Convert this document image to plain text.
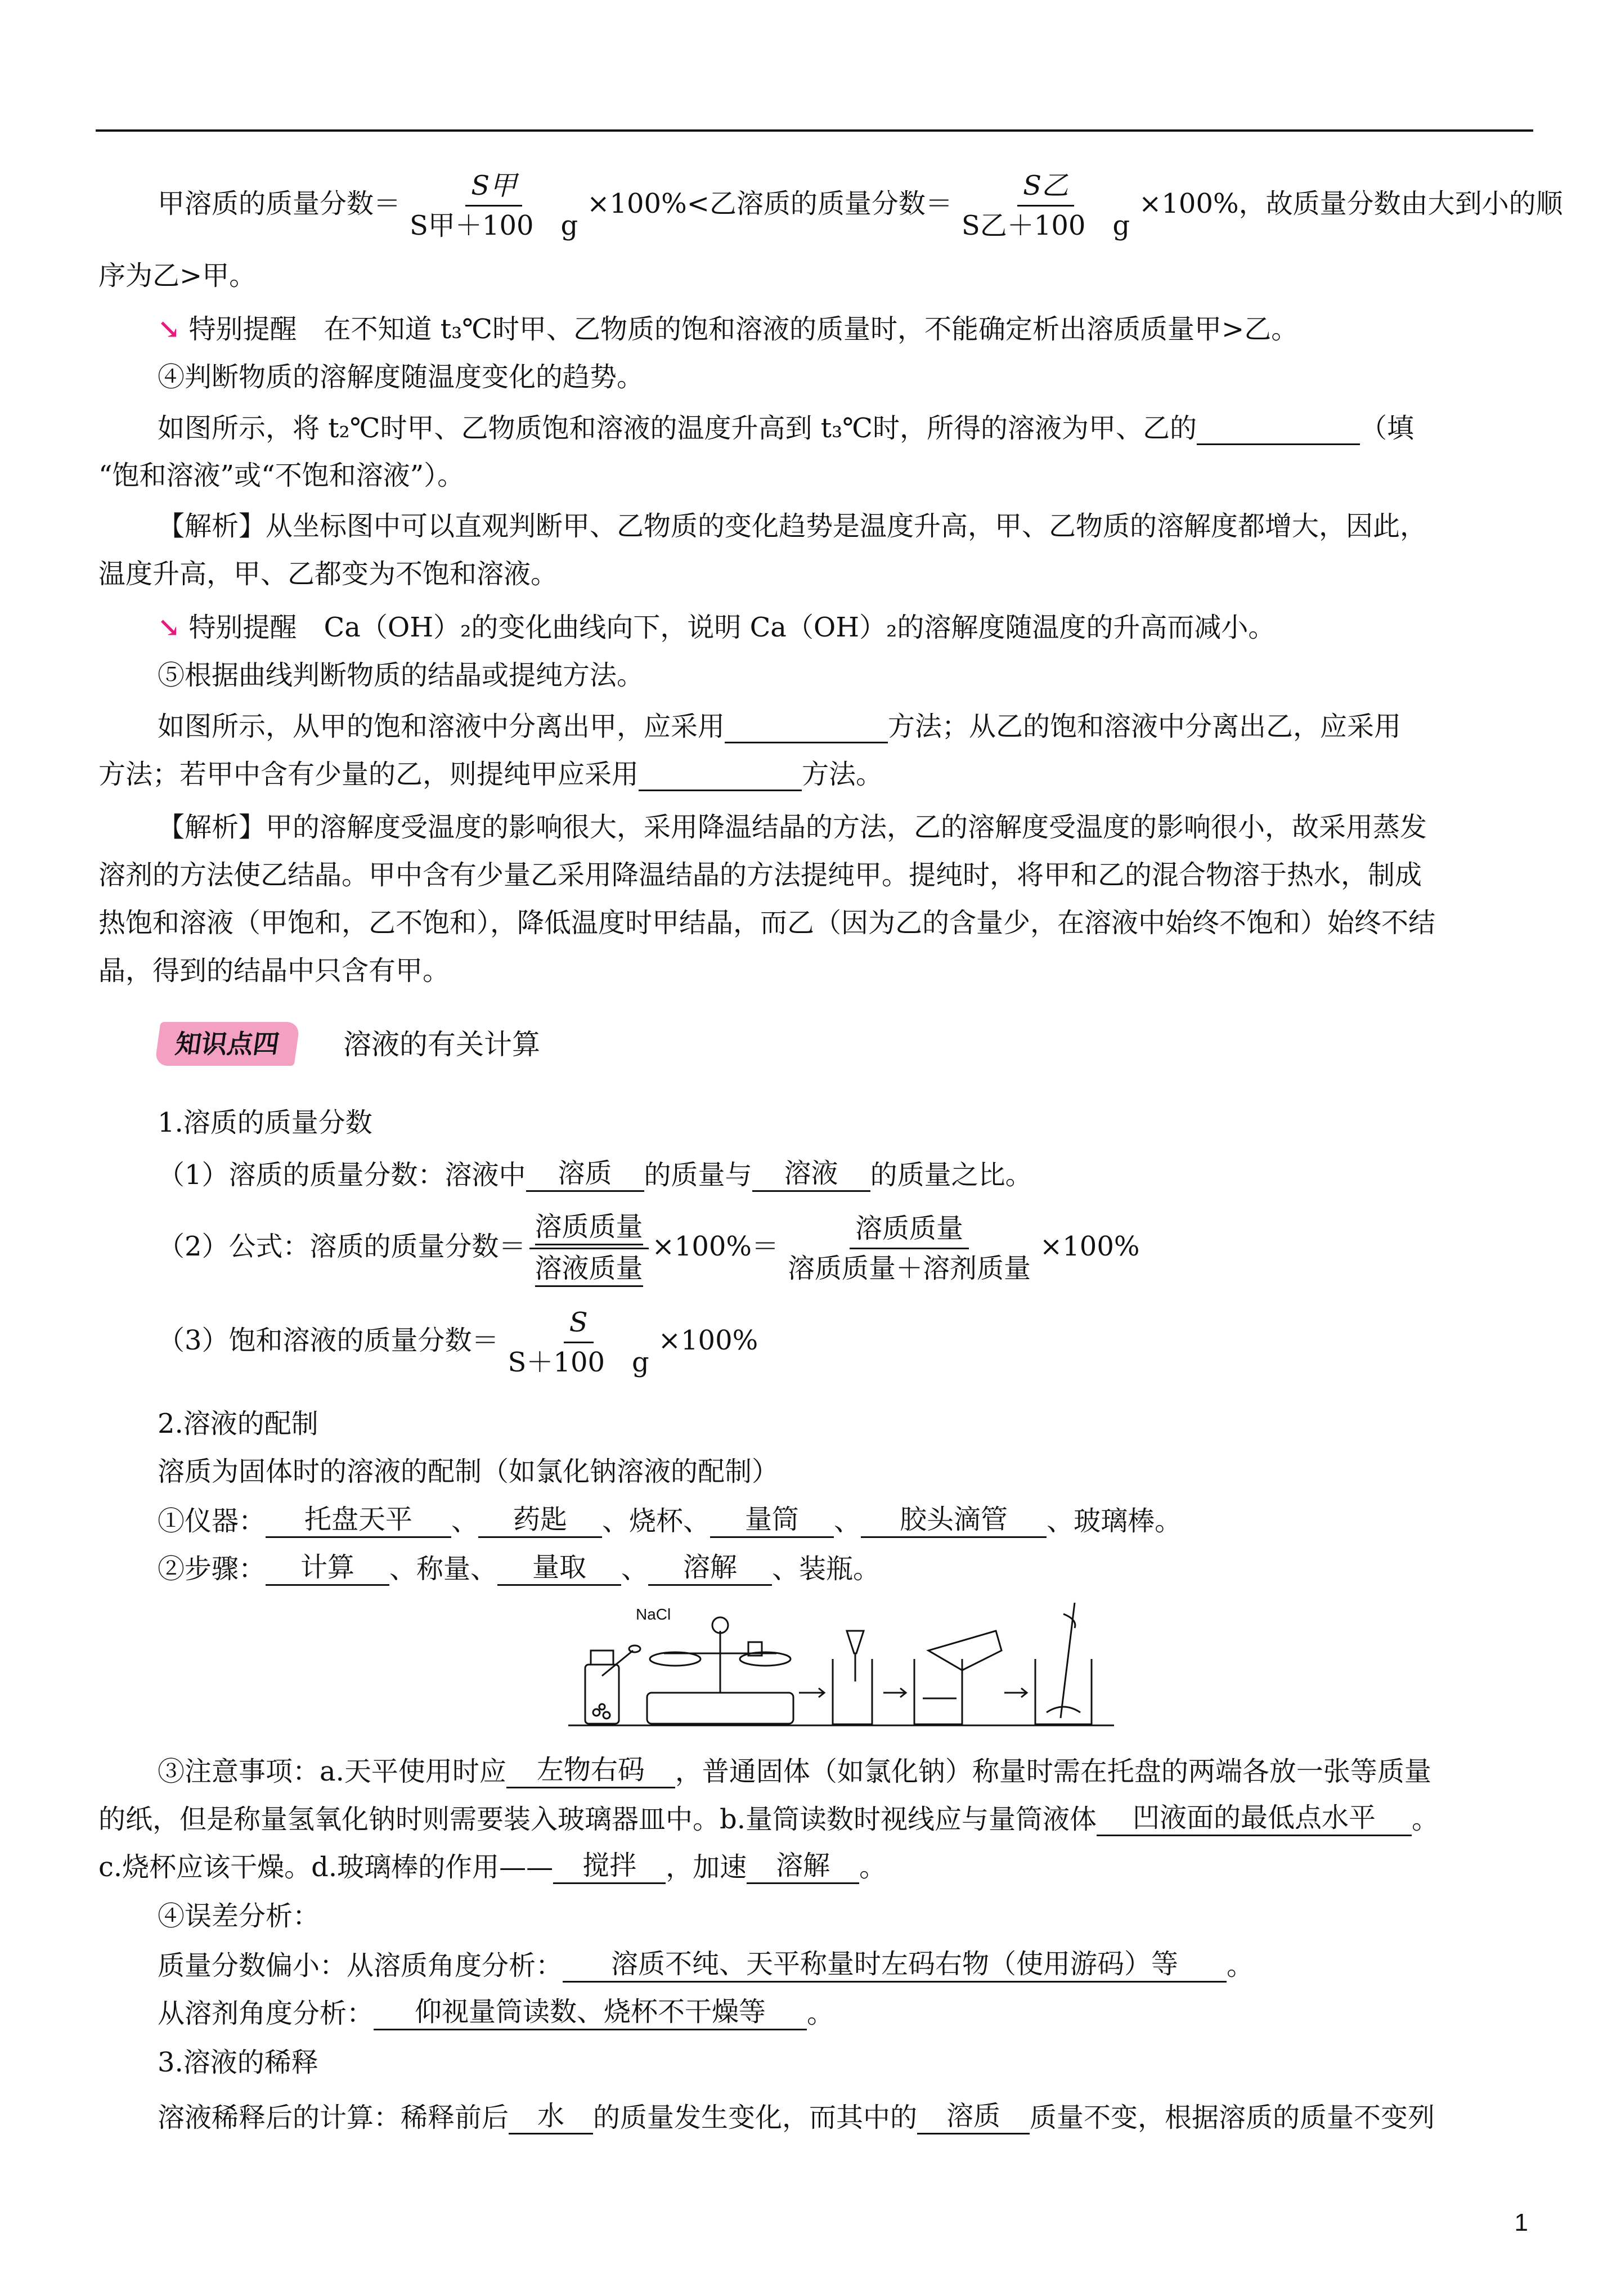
甲溶质的质量分数＝ $\frac{\text{S甲}}{\text{S甲＋100　g}} \times 100\%<$乙溶质的质量分数＝ $\frac{\text{S乙}}{\text{S乙＋100　g}} \times 100\%$，故质量分数由大到小的顺
序为乙>甲。
↘ 特别提醒　 在不知道 t₃℃时甲、乙物质的饱和溶液的质量时，不能确定析出溶质质量甲>乙。
④判断物质的溶解度随温度变化的趋势。
如图所示，将 t₂℃时甲、乙物质饱和溶液的温度升高到 t₃℃时，所得的溶液为甲、乙的	（填
“饱和溶液”或“不饱和溶液”）。
【解析】从坐标图中可以直观判断甲、乙物质的变化趋势是温度升高，甲、乙物质的溶解度都增大，因此，
温度升高，甲、乙都变为不饱和溶液。
↘ 特别提醒　 Ca（OH）₂的变化曲线向下，说明 Ca（OH）₂的溶解度随温度的升高而减小。
⑤根据曲线判断物质的结晶或提纯方法。
如图所示，从甲的饱和溶液中分离出甲，应采用	方法；从乙的饱和溶液中分离出乙，应采用
方法；若甲中含有少量的乙，则提纯甲应采用	方法。
【解析】甲的溶解度受温度的影响很大，采用降温结晶的方法，乙的溶解度受温度的影响很小，故采用蒸发
溶剂的方法使乙结晶。甲中含有少量乙采用降温结晶的方法提纯甲。提纯时，将甲和乙的混合物溶于热水，制成
热饱和溶液（甲饱和，乙不饱和），降低温度时甲结晶，而乙（因为乙的含量少，在溶液中始终不饱和）始终不结
晶，得到的结晶中只含有甲。
知识点四	溶液的有关计算
1.溶质的质量分数
（1）溶质的质量分数：溶液中 溶质 的质量与 溶液 的质量之比。
（2）公式：溶质的质量分数＝ $\frac{\text{溶质质量}}{\text{溶液质量}} \times 100\%= \frac{\text{溶质质量}}{\text{溶质质量＋溶剂质量}} \times 100\%$
（3）饱和溶液的质量分数＝ $\frac{S}{S+100 g} \times 100\%$
2.溶液的配制
溶质为固体时的溶液的配制（如氯化钠溶液的配制）
①仪器： 托盘天平 、 药匙 、烧杯、 量筒 、 胶头滴管 、玻璃棒。
②步骤： 计算 、称量、 量取 、 溶解 、装瓶。
NaCl
③注意事项：a.天平使用时应 左物右码 ，普通固体（如氯化钠）称量时需在托盘的两端各放一张等质量
的纸，但是称量氢氧化钠时则需要装入玻璃器皿中。b.量筒读数时视线应与量筒液体 凹液面的最低点水平 。
c.烧杯应该干燥。d.玻璃棒的作用—— 搅拌 ，加速 溶解 。
④误差分析：
质量分数偏小：从溶质角度分析： 溶质不纯、天平称量时左码右物（使用游码）等 。
从溶剂角度分析： 仰视量筒读数、烧杯不干燥等 。
3.溶液的稀释
溶液稀释后的计算：稀释前后 水 的质量发生变化，而其中的 溶质 质量不变，根据溶质的质量不变列
1
